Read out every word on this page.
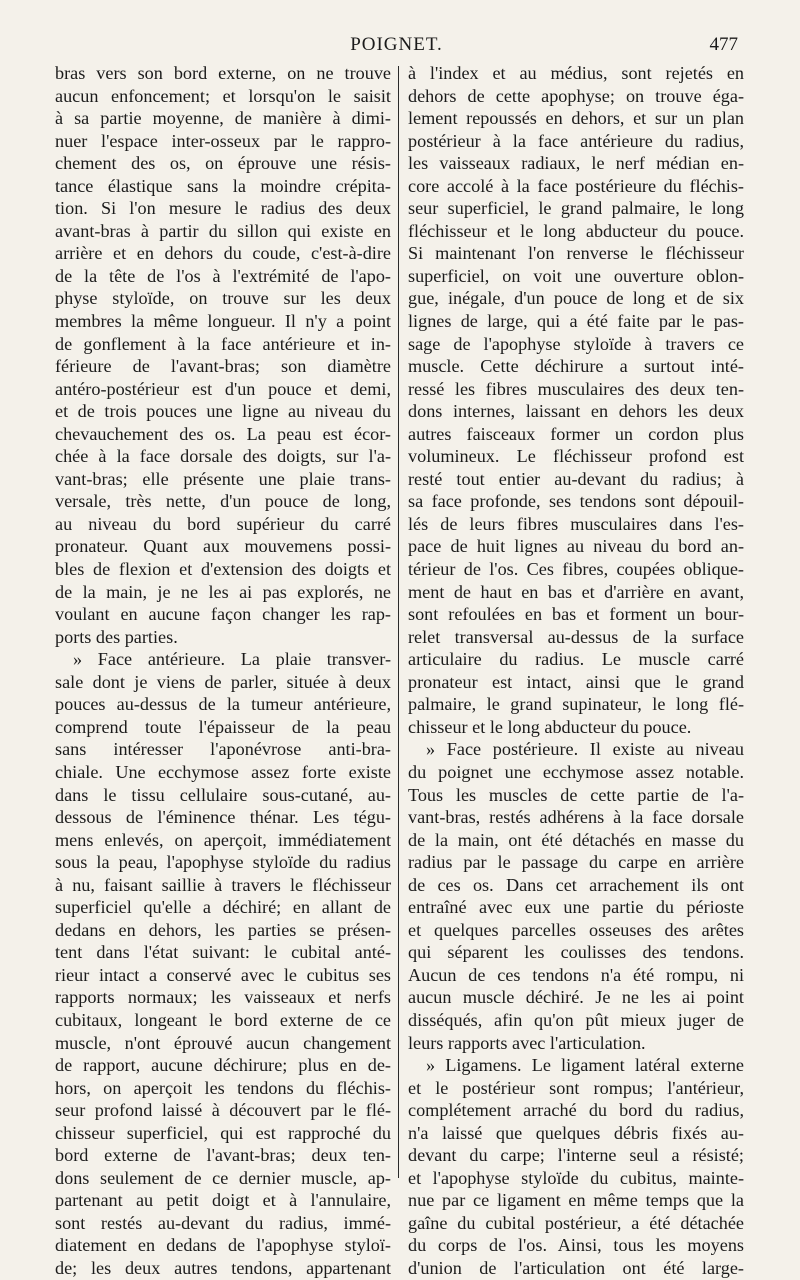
POIGNET.	477
bras vers son bord externe, on ne trouve
aucun enfoncement; et lorsqu'on le saisit
à sa partie moyenne, de manière à dimi-
nuer l'espace inter-osseux par le rappro-
chement des os, on éprouve une résis-
tance élastique sans la moindre crépita-
tion. Si l'on mesure le radius des deux
avant-bras à partir du sillon qui existe en
arrière et en dehors du coude, c'est-à-dire
de la tête de l'os à l'extrémité de l'apo-
physe styloïde, on trouve sur les deux
membres la même longueur. Il n'y a point
de gonflement à la face antérieure et in-
férieure de l'avant-bras; son diamètre
antéro-postérieur est d'un pouce et demi,
et de trois pouces une ligne au niveau du
chevauchement des os. La peau est écor-
chée à la face dorsale des doigts, sur l'a-
vant-bras; elle présente une plaie trans-
versale, très nette, d'un pouce de long,
au niveau du bord supérieur du carré
pronateur. Quant aux mouvemens possi-
bles de flexion et d'extension des doigts et
de la main, je ne les ai pas explorés, ne
voulant en aucune façon changer les rap-
ports des parties.
» Face antérieure. La plaie transver-
sale dont je viens de parler, située à deux
pouces au-dessus de la tumeur antérieure,
comprend toute l'épaisseur de la peau
sans intéresser l'aponévrose anti-bra-
chiale. Une ecchymose assez forte existe
dans le tissu cellulaire sous-cutané, au-
dessous de l'éminence thénar. Les tégu-
mens enlevés, on aperçoit, immédiatement
sous la peau, l'apophyse styloïde du radius
à nu, faisant saillie à travers le fléchisseur
superficiel qu'elle a déchiré; en allant de
dedans en dehors, les parties se présen-
tent dans l'état suivant: le cubital anté-
rieur intact a conservé avec le cubitus ses
rapports normaux; les vaisseaux et nerfs
cubitaux, longeant le bord externe de ce
muscle, n'ont éprouvé aucun changement
de rapport, aucune déchirure; plus en de-
hors, on aperçoit les tendons du fléchis-
seur profond laissé à découvert par le flé-
chisseur superficiel, qui est rapproché du
bord externe de l'avant-bras; deux ten-
dons seulement de ce dernier muscle, ap-
partenant au petit doigt et à l'annulaire,
sont restés au-devant du radius, immé-
diatement en dedans de l'apophyse styloï-
de; les deux autres tendons, appartenant
à l'index et au médius, sont rejetés en
dehors de cette apophyse; on trouve éga-
lement repoussés en dehors, et sur un plan
postérieur à la face antérieure du radius,
les vaisseaux radiaux, le nerf médian en-
core accolé à la face postérieure du fléchis-
seur superficiel, le grand palmaire, le long
fléchisseur et le long abducteur du pouce.
Si maintenant l'on renverse le fléchisseur
superficiel, on voit une ouverture oblon-
gue, inégale, d'un pouce de long et de six
lignes de large, qui a été faite par le pas-
sage de l'apophyse styloïde à travers ce
muscle. Cette déchirure a surtout inté-
ressé les fibres musculaires des deux ten-
dons internes, laissant en dehors les deux
autres faisceaux former un cordon plus
volumineux. Le fléchisseur profond est
resté tout entier au-devant du radius; à
sa face profonde, ses tendons sont dépouil-
lés de leurs fibres musculaires dans l'es-
pace de huit lignes au niveau du bord an-
térieur de l'os. Ces fibres, coupées oblique-
ment de haut en bas et d'arrière en avant,
sont refoulées en bas et forment un bour-
relet transversal au-dessus de la surface
articulaire du radius. Le muscle carré
pronateur est intact, ainsi que le grand
palmaire, le grand supinateur, le long flé-
chisseur et le long abducteur du pouce.
» Face postérieure. Il existe au niveau
du poignet une ecchymose assez notable.
Tous les muscles de cette partie de l'a-
vant-bras, restés adhérens à la face dorsale
de la main, ont été détachés en masse du
radius par le passage du carpe en arrière
de ces os. Dans cet arrachement ils ont
entraîné avec eux une partie du périoste
et quelques parcelles osseuses des arêtes
qui séparent les coulisses des tendons.
Aucun de ces tendons n'a été rompu, ni
aucun muscle déchiré. Je ne les ai point
disséqués, afin qu'on pût mieux juger de
leurs rapports avec l'articulation.
» Ligamens. Le ligament latéral externe
et le postérieur sont rompus; l'antérieur,
complétement arraché du bord du radius,
n'a laissé que quelques débris fixés au-
devant du carpe; l'interne seul a résisté;
et l'apophyse styloïde du cubitus, mainte-
nue par ce ligament en même temps que la
gaîne du cubital postérieur, a été détachée
du corps de l'os. Ainsi, tous les moyens
d'union de l'articulation ont été large-
